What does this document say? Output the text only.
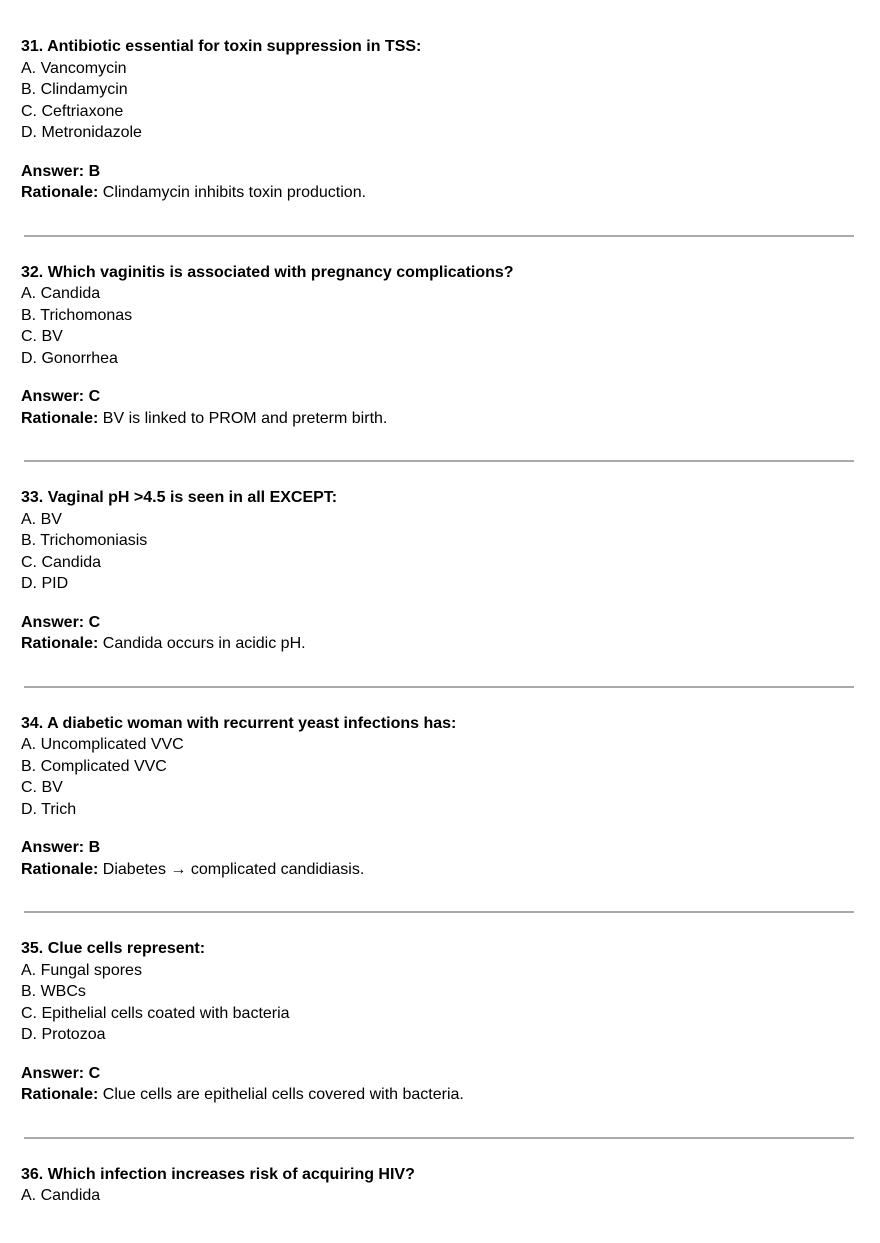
31. Antibiotic essential for toxin suppression in TSS:

A. Vancomycin

B. Clindamycin

C. Ceftriaxone

D. Metronidazole

Answer: B

Rationale: Clindamycin inhibits toxin production.

32. Which vaginitis is associated with pregnancy complications?

A. Candida

B. Trichomonas

C. BV

D. Gonorrhea

Answer: C

Rationale: BV is linked to PROM and preterm birth.

33. Vaginal pH >4.5 is seen in all EXCEPT:

A. BV

B. Trichomoniasis

C. Candida

D. PID

Answer: C

Rationale: Candida occurs in acidic pH.

34. A diabetic woman with recurrent yeast infections has:

A. Uncomplicated VVC

B. Complicated VVC

C. BV

D. Trich

Answer: B

Rationale: Diabetes → complicated candidiasis.

35. Clue cells represent:

A. Fungal spores

B. WBCs

C. Epithelial cells coated with bacteria

D. Protozoa

Answer: C

Rationale: Clue cells are epithelial cells covered with bacteria.

36. Which infection increases risk of acquiring HIV?

A. Candida
